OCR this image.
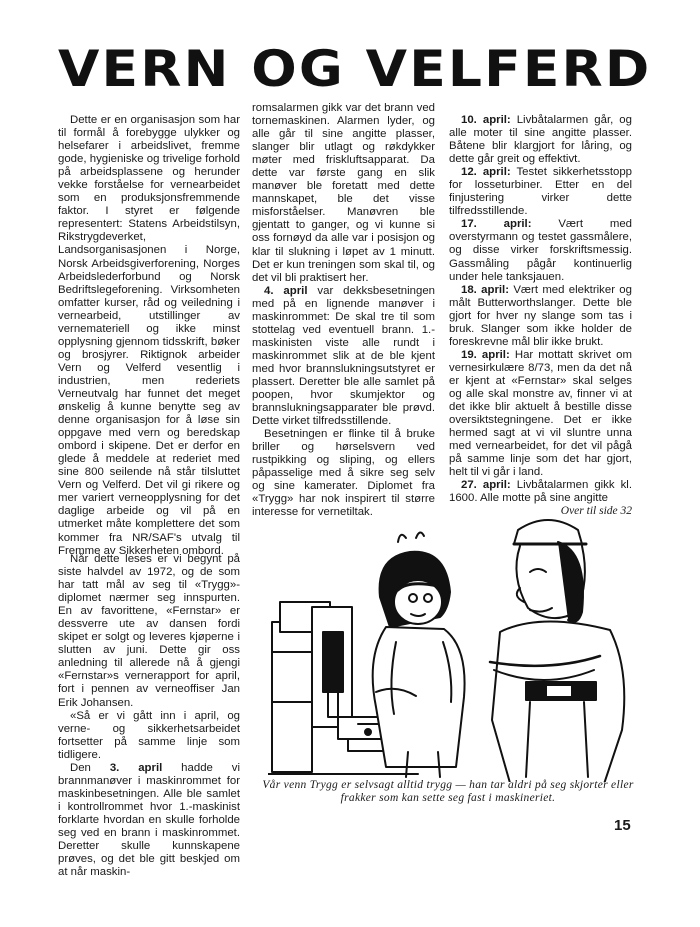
VERN OG VELFERD

Dette er en organisasjon som har til formål å forebygge ulykker og helsefarer i arbeidslivet, fremme gode, hygieniske og trivelige forhold på arbeidsplassene og herunder vekke forståelse for vernearbeidet som en produksjonsfremmende faktor. I styret er følgende representert: Statens Arbeidstilsyn, Rikstrygdeverket, Landsorganisasjonen i Norge, Norsk Arbeidsgiverforening, Norges Arbeidslederforbund og Norsk Bedriftslegeforening. Virksomheten omfatter kurser, råd og veiledning i vernearbeid, utstillinger av vernemateriell og ikke minst opplysning gjennom tidsskrift, bøker og brosjyrer. Riktignok arbeider Vern og Velferd vesentlig i industrien, men rederiets Verneutvalg har funnet det meget ønskelig å kunne benytte seg av denne organisasjon for å løse sin oppgave med vern og beredskap ombord i skipene. Det er derfor en glede å meddele at rederiet med sine 800 seilende nå står tilsluttet Vern og Velferd. Det vil gi rikere og mer variert verneopplysning for det daglige arbeide og vil på en utmerket måte komplettere det som kommer fra NR/SAF's utvalg til Fremme av Sikkerheten ombord.

Når dette leses er vi begynt på siste halvdel av 1972, og de som har tatt mål av seg til «Trygg»-diplomet nærmer seg innspurten. En av favorittene, «Fernstar» er dessverre ute av dansen fordi skipet er solgt og leveres kjøperne i slutten av juni. Dette gir oss anledning til allerede nå å gjengi «Fernstar»s vernerapport for april, fort i pennen av verneoffiser Jan Erik Johansen.

«Så er vi gått inn i april, og verne- og sikkerhetsarbeidet fortsetter på samme linje som tidligere.

Den 3. april hadde vi brannmanøver i maskinrommet for maskinbesetningen. Alle ble samlet i kontrollrommet hvor 1.-maskinist forklarte hvordan en skulle forholde seg ved en brann i maskinrommet. Deretter skulle kunnskapene prøves, og det ble gitt beskjed om at når maskin-

romsalarmen gikk var det brann ved tornemaskinen. Alarmen lyder, og alle går til sine angitte plasser, slanger blir utlagt og røkdykker møter med friskluftsapparat. Da dette var første gang en slik manøver ble foretatt med dette mannskapet, ble det visse misforståelser. Manøvren ble gjentatt to ganger, og vi kunne si oss fornøyd da alle var i posisjon og klar til slukning i løpet av 1 minutt. Det er kun treningen som skal til, og det vil bli praktisert her.

4. april var dekksbesetningen med på en lignende manøver i maskinrommet: De skal tre til som stottelag ved eventuell brann. 1.-maskinisten viste alle rundt i maskinrommet slik at de ble kjent med hvor brannslukningsutstyret er plassert. Deretter ble alle samlet på poopen, hvor skumjektor og brannslukningsapparater ble prøvd. Dette virket tilfredsstillende.

Besetningen er flinke til å bruke briller og hørselsvern ved rustpikking og sliping, og ellers påpasselige med å sikre seg selv og sine kamerater. Diplomet fra «Trygg» har nok inspirert til større interesse for vernetiltak.

10. april: Livbåtalarmen går, og alle moter til sine angitte plasser. Båtene blir klargjort for låring, og dette går greit og effektivt.

12. april: Testet sikkerhetsstopp for losseturbiner. Etter en del finjustering virker dette tilfredsstillende.

17. april: Vært med overstyrmann og testet gassmålere, og disse virker forskriftsmessig. Gassmåling pågår kontinuerlig under hele tanksjauen.

18. april: Vært med elektriker og målt Butterworthslanger. Dette ble gjort for hver ny slange som tas i bruk. Slanger som ikke holder de foreskrevne mål blir ikke brukt.

19. april: Har mottatt skrivet om vernesirkulære 8/73, men da det nå er kjent at «Fernstar» skal selges og alle skal monstre av, finner vi at det ikke blir aktuelt å bestille disse oversiktstegningene. Det er ikke hermed sagt at vi vil sluntre unna med vernearbeidet, for det vil pågå på samme linje som det har gjort, helt til vi går i land.

27. april: Livbåtalarmen gikk kl. 1600. Alle motte på sine angitte

Over til side 32

Vår venn Trygg er selvsagt alltid trygg — han tar aldri på seg skjorter eller frakker som kan sette seg fast i maskineriet.
15
